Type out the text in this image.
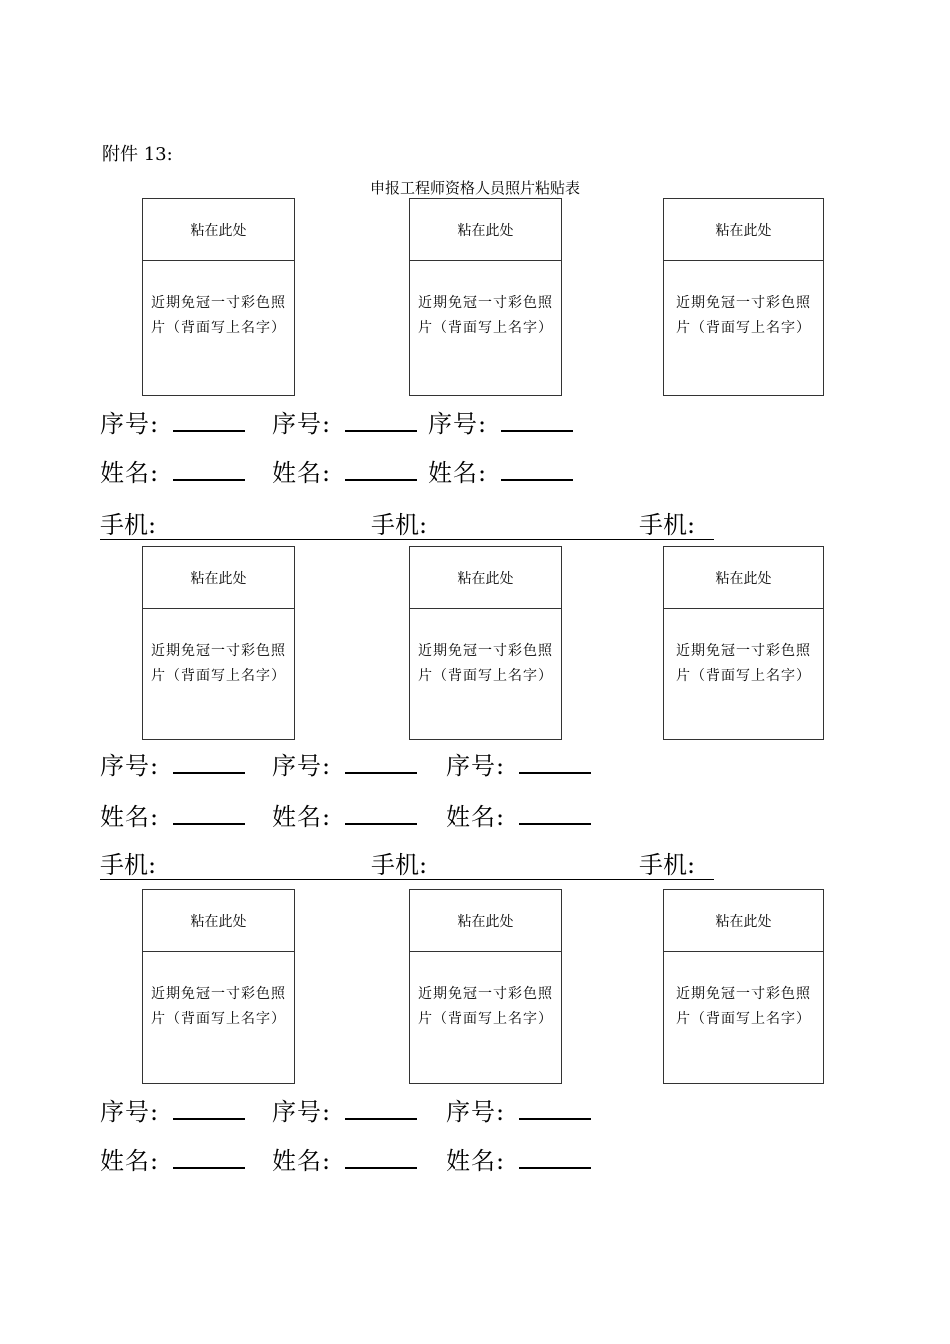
附件 13:
申报工程师资格人员照片粘贴表
粘在此处
近期免冠一寸彩色照片（背面写上名字）
粘在此处
近期免冠一寸彩色照片（背面写上名字）
粘在此处
近期免冠一寸彩色照片（背面写上名字）
粘在此处
近期免冠一寸彩色照片（背面写上名字）
粘在此处
近期免冠一寸彩色照片（背面写上名字）
粘在此处
近期免冠一寸彩色照片（背面写上名字）
粘在此处
近期免冠一寸彩色照片（背面写上名字）
粘在此处
近期免冠一寸彩色照片（背面写上名字）
粘在此处
近期免冠一寸彩色照片（背面写上名字）
序号:	序号:	序号:
姓名:	姓名:	姓名:
手机:	手机:	手机:
序号:	序号:	序号:
姓名:	姓名:	姓名:
手机:	手机:	手机:
序号:	序号:	序号:
姓名:	姓名:	姓名:
